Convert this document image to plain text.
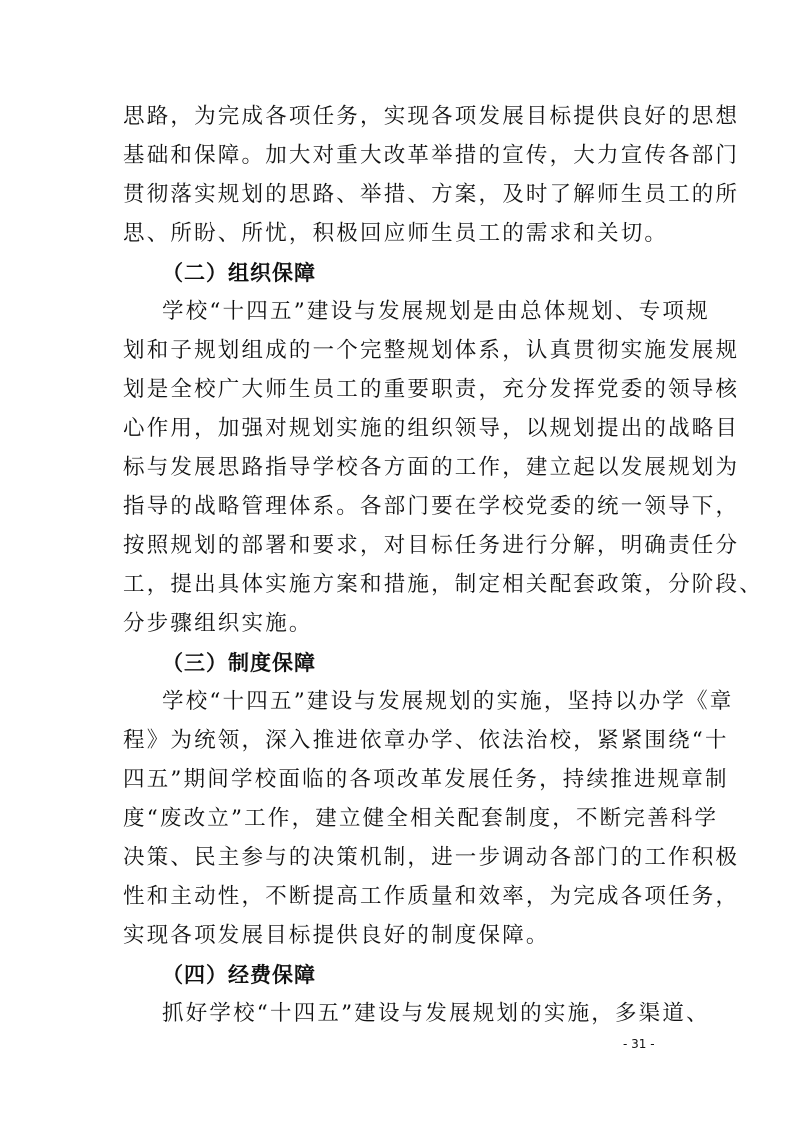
思路，为完成各项任务，实现各项发展目标提供良好的思想
基础和保障。加大对重大改革举措的宣传，大力宣传各部门
贯彻落实规划的思路、举措、方案，及时了解师生员工的所
思、所盼、所忧，积极回应师生员工的需求和关切。
（二）组织保障
学校“十四五”建设与发展规划是由总体规划、专项规
划和子规划组成的一个完整规划体系，认真贯彻实施发展规
划是全校广大师生员工的重要职责，充分发挥党委的领导核
心作用，加强对规划实施的组织领导，以规划提出的战略目
标与发展思路指导学校各方面的工作，建立起以发展规划为
指导的战略管理体系。各部门要在学校党委的统一领导下，
按照规划的部署和要求，对目标任务进行分解，明确责任分
工，提出具体实施方案和措施，制定相关配套政策，分阶段、
分步骤组织实施。
（三）制度保障
学校“十四五”建设与发展规划的实施，坚持以办学《章
程》为统领，深入推进依章办学、依法治校，紧紧围绕“十
四五”期间学校面临的各项改革发展任务，持续推进规章制
度“废改立”工作，建立健全相关配套制度，不断完善科学
决策、民主参与的决策机制，进一步调动各部门的工作积极
性和主动性，不断提高工作质量和效率，为完成各项任务，
实现各项发展目标提供良好的制度保障。
（四）经费保障
抓好学校“十四五”建设与发展规划的实施，多渠道、
- 31 -
